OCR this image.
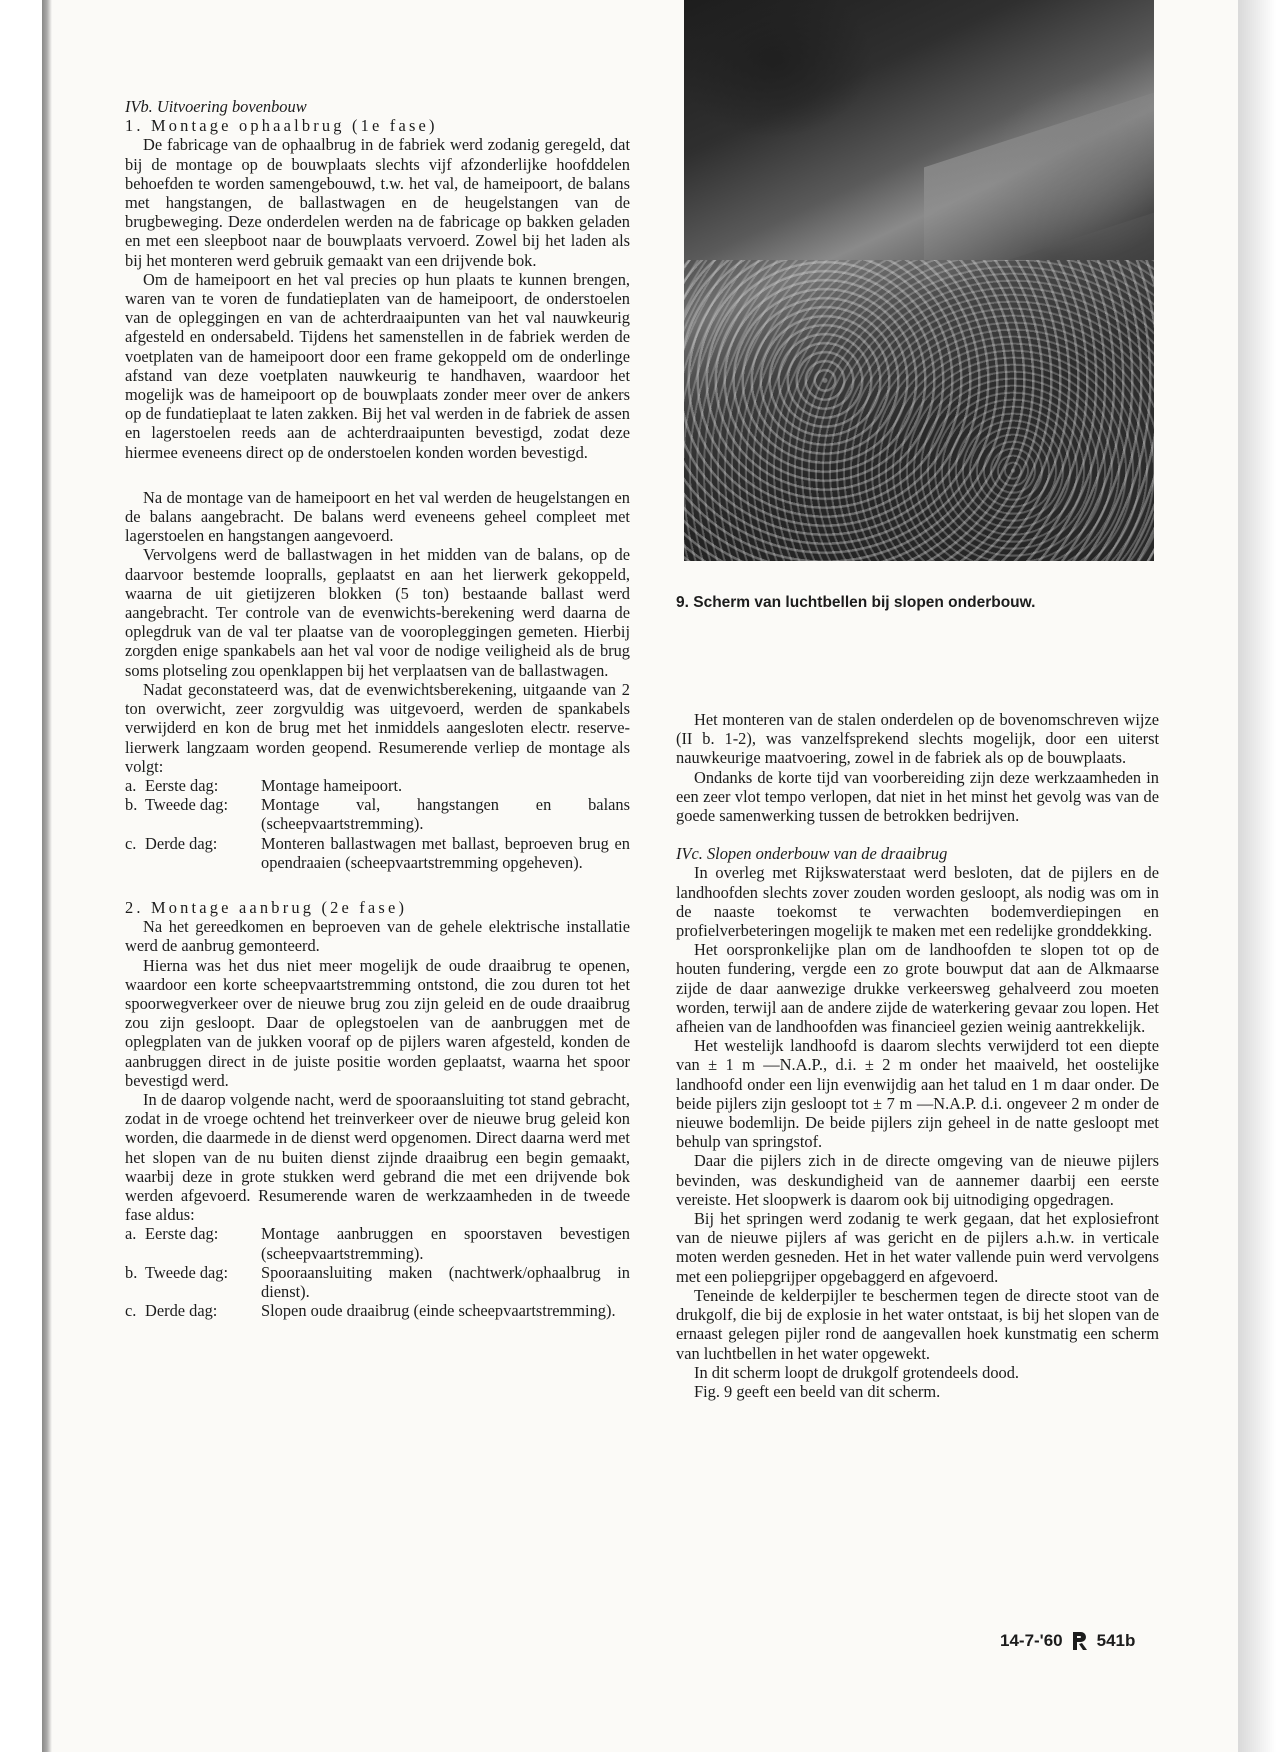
9. Scherm van luchtbellen bij slopen onderbouw.

IVb. Uitvoering bovenbouw

1. Montage ophaalbrug (1e fase)

De fabricage van de ophaalbrug in de fabriek werd zodanig geregeld, dat bij de montage op de bouwplaats slechts vijf afzonderlijke hoofddelen behoefden te worden samengebouwd, t.w. het val, de hameipoort, de balans met hangstangen, de ballastwagen en de heugelstangen van de brugbeweging. Deze onderdelen werden na de fabricage op bakken geladen en met een sleepboot naar de bouwplaats vervoerd. Zowel bij het laden als bij het monteren werd gebruik gemaakt van een drijvende bok.

Om de hameipoort en het val precies op hun plaats te kunnen brengen, waren van te voren de fundatieplaten van de hameipoort, de onderstoelen van de opleggingen en van de achterdraaipunten van het val nauwkeurig afgesteld en ondersabeld. Tijdens het samenstellen in de fabriek werden de voetplaten van de hameipoort door een frame gekoppeld om de onderlinge afstand van deze voetplaten nauwkeurig te handhaven, waardoor het mogelijk was de hameipoort op de bouwplaats zonder meer over de ankers op de fundatieplaat te laten zakken. Bij het val werden in de fabriek de assen en lagerstoelen reeds aan de achterdraaipunten bevestigd, zodat deze hiermee eveneens direct op de onderstoelen konden worden bevestigd.

Na de montage van de hameipoort en het val werden de heugelstangen en de balans aangebracht. De balans werd eveneens geheel compleet met lagerstoelen en hangstangen aangevoerd.

Vervolgens werd de ballastwagen in het midden van de balans, op de daarvoor bestemde loopralls, geplaatst en aan het lierwerk gekoppeld, waarna de uit gietijzeren blokken (5 ton) bestaande ballast werd aangebracht. Ter controle van de evenwichts-berekening werd daarna de oplegdruk van de val ter plaatse van de vooropleggingen gemeten. Hierbij zorgden enige spankabels aan het val voor de nodige veiligheid als de brug soms plotseling zou openklappen bij het verplaatsen van de ballastwagen.

Nadat geconstateerd was, dat de evenwichtsberekening, uitgaande van 2 ton overwicht, zeer zorgvuldig was uitgevoerd, werden de spankabels verwijderd en kon de brug met het inmiddels aangesloten electr. reserve-lierwerk langzaam worden geopend. Resumerende verliep de montage als volgt:

a. Eerste dag:	Montage hameipoort.
b. Tweede dag:	Montage val, hangstangen en balans (scheepvaartstremming).
c. Derde dag:	Monteren ballastwagen met ballast, beproeven brug en opendraaien (scheepvaartstremming opgeheven).

2. Montage aanbrug (2e fase)

Na het gereedkomen en beproeven van de gehele elektrische installatie werd de aanbrug gemonteerd.

Hierna was het dus niet meer mogelijk de oude draaibrug te openen, waardoor een korte scheepvaartstremming ontstond, die zou duren tot het spoorwegverkeer over de nieuwe brug zou zijn geleid en de oude draaibrug zou zijn gesloopt. Daar de oplegstoelen van de aanbruggen met de oplegplaten van de jukken vooraf op de pijlers waren afgesteld, konden de aanbruggen direct in de juiste positie worden geplaatst, waarna het spoor bevestigd werd.

In de daarop volgende nacht, werd de spooraansluiting tot stand gebracht, zodat in de vroege ochtend het treinverkeer over de nieuwe brug geleid kon worden, die daarmede in de dienst werd opgenomen. Direct daarna werd met het slopen van de nu buiten dienst zijnde draaibrug een begin gemaakt, waarbij deze in grote stukken werd gebrand die met een drijvende bok werden afgevoerd. Resumerende waren de werkzaamheden in de tweede fase aldus:

a. Eerste dag:	Montage aanbruggen en spoorstaven bevestigen (scheepvaartstremming).
b. Tweede dag:	Spooraansluiting maken (nachtwerk/ophaalbrug in dienst).
c. Derde dag:	Slopen oude draaibrug (einde scheepvaartstremming).

Het monteren van de stalen onderdelen op de bovenomschreven wijze (II b. 1-2), was vanzelfsprekend slechts mogelijk, door een uiterst nauwkeurige maatvoering, zowel in de fabriek als op de bouwplaats.

Ondanks de korte tijd van voorbereiding zijn deze werkzaamheden in een zeer vlot tempo verlopen, dat niet in het minst het gevolg was van de goede samenwerking tussen de betrokken bedrijven.

IVc. Slopen onderbouw van de draaibrug

In overleg met Rijkswaterstaat werd besloten, dat de pijlers en de landhoofden slechts zover zouden worden gesloopt, als nodig was om in de naaste toekomst te verwachten bodemverdiepingen en profielverbeteringen mogelijk te maken met een redelijke gronddekking.

Het oorspronkelijke plan om de landhoofden te slopen tot op de houten fundering, vergde een zo grote bouwput dat aan de Alkmaarse zijde de daar aanwezige drukke verkeersweg gehalveerd zou moeten worden, terwijl aan de andere zijde de waterkering gevaar zou lopen. Het afheien van de landhoofden was financieel gezien weinig aantrekkelijk.

Het westelijk landhoofd is daarom slechts verwijderd tot een diepte van ± 1 m —N.A.P., d.i. ± 2 m onder het maaiveld, het oostelijke landhoofd onder een lijn evenwijdig aan het talud en 1 m daar onder. De beide pijlers zijn gesloopt tot ± 7 m —N.A.P. d.i. ongeveer 2 m onder de nieuwe bodemlijn. De beide pijlers zijn geheel in de natte gesloopt met behulp van springstof.

Daar die pijlers zich in de directe omgeving van de nieuwe pijlers bevinden, was deskundigheid van de aannemer daarbij een eerste vereiste. Het sloopwerk is daarom ook bij uitnodiging opgedragen.

Bij het springen werd zodanig te werk gegaan, dat het explosiefront van de nieuwe pijlers af was gericht en de pijlers a.h.w. in verticale moten werden gesneden. Het in het water vallende puin werd vervolgens met een poliepgrijper opgebaggerd en afgevoerd.

Teneinde de kelderpijler te beschermen tegen de directe stoot van de drukgolf, die bij de explosie in het water ontstaat, is bij het slopen van de ernaast gelegen pijler rond de aangevallen hoek kunstmatig een scherm van luchtbellen in het water opgewekt.

In dit scherm loopt de drukgolf grotendeels dood.

Fig. 9 geeft een beeld van dit scherm.

14-7-'60 541b
